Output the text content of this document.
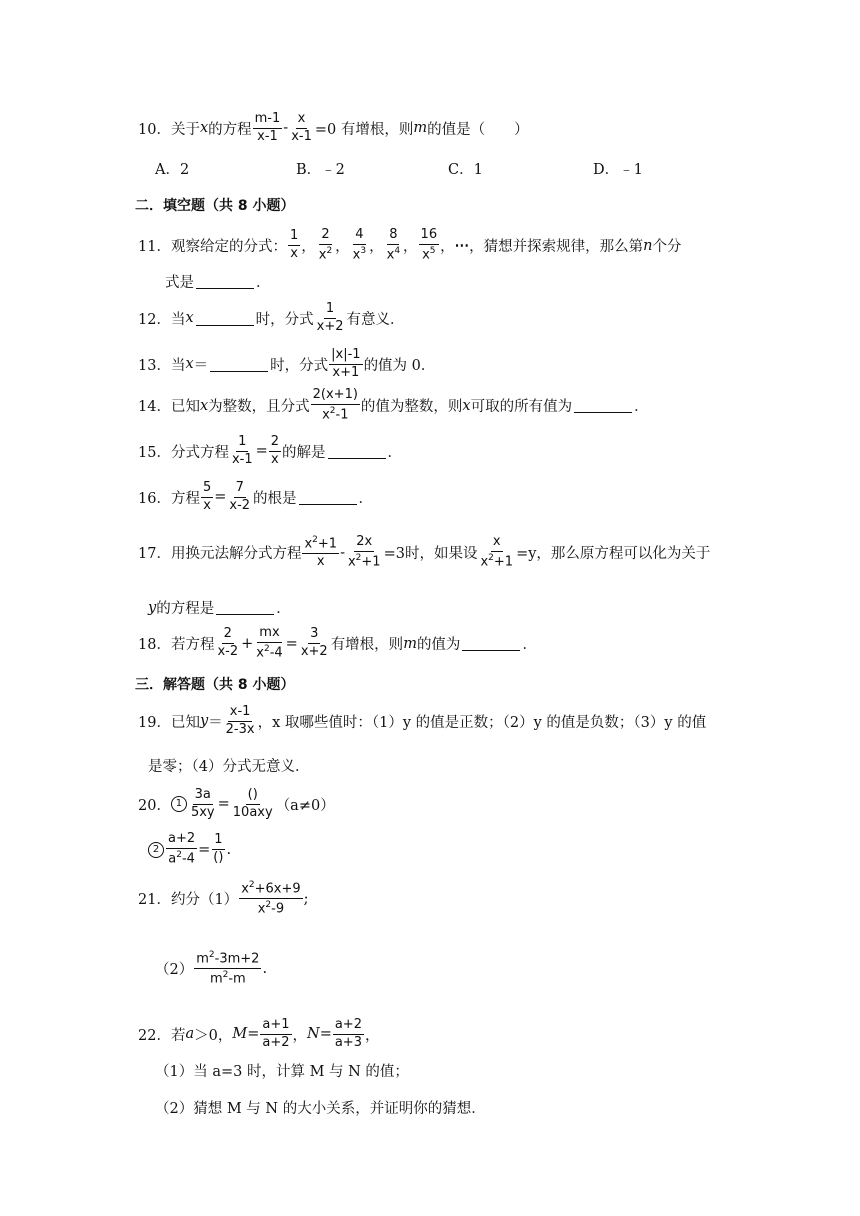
10． 关于 x 的方程 $\frac{m-1}{x-1} - \frac{x}{x-1} =0$ 有增根，则 m 的值是（　　）
A．2	B．﹣2	C．1	D．﹣1
二．填空题（共 8 小题）
11． 观察给定的分式： $\frac{1}{x}$ ， $\frac{2}{x^2}$ ， $\frac{4}{x^3}$ ， $\frac{8}{x^4}$ ， $\frac{16}{x^5}$ ， ⋯ ，猜想并探索规律，那么第 n 个分
式是	．
12． 当 x	时，分式 $\frac{1}{x+2}$ 有意义．
13． 当 x ＝	时，分式 $\frac{|x|-1}{x+1}$ 的值为 0．
14． 已知 x 为整数，且分式 $\frac{2(x+1)}{x^2-1}$ 的值为整数，则 x 可取的所有值为	．
15． 分式方程 $\frac{1}{x-1} = \frac{2}{x}$ 的解是	．
16． 方程 $\frac{5}{x} = \frac{7}{x-2}$ 的根是	．
17． 用换元法解分式方程 $\frac{x^2+1}{x} - \frac{2x}{x^2+1} =3$时，如果设 $\frac{x}{x^2+1} =y$，那么原方程可以化为关于
y 的方程是	．
18． 若方程 $\frac{2}{x-2} + \frac{mx}{x^2-4} = \frac{3}{x+2}$ 有增根，则 m 的值为	．
三．解答题（共 8 小题）
19． 已知 $y = \frac{x-1}{2-3x}$ ，x 取哪些值时：（1）y 的值是正数；（2）y 的值是负数；（3）y 的值
是零；（4）分式无意义．
20． $1 \frac{3a}{5xy} = \frac{()}{\text{10axy}} (a\ne 0)$
$2 \frac{a+2}{a^2-4} = \frac{1}{()}$ .
21． 约分$(1) \frac{x^2+6x+9}{x^2-9}$ ;
$(2) \frac{m^2-3m+2}{m^2-m}$ .
22． 若 a ＞0， $M = \frac{a+1}{a+2}$ ， $N = \frac{a+2}{a+3}$ ，
（1）当 a=3 时，计算 M 与 N 的值；
（2）猜想 M 与 N 的大小关系，并证明你的猜想．
